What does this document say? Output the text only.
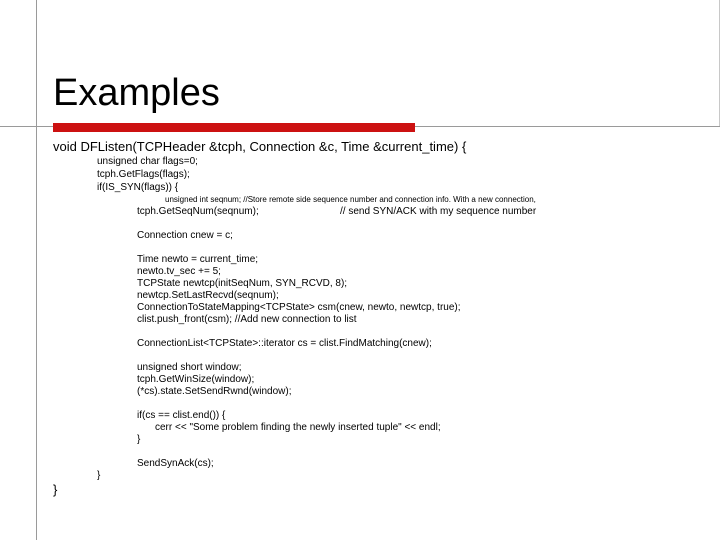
Examples
void DFListen(TCPHeader &tcph, Connection &c, Time &current_time) {
unsigned char flags=0;
tcph.GetFlags(flags);
if(IS_SYN(flags)) {
unsigned int seqnum; //Store remote side sequence number and connection info. With a new connection,
tcph.GetSeqNum(seqnum);	// send SYN/ACK with my sequence number
Connection cnew = c;
Time newto = current_time;
newto.tv_sec += 5;
TCPState newtcp(initSeqNum, SYN_RCVD, 8);
newtcp.SetLastRecvd(seqnum);
ConnectionToStateMapping<TCPState> csm(cnew, newto, newtcp, true);
clist.push_front(csm); //Add new connection to list
ConnectionList<TCPState>::iterator cs = clist.FindMatching(cnew);
unsigned short window;
tcph.GetWinSize(window);
(*cs).state.SetSendRwnd(window);
if(cs == clist.end()) {
cerr << "Some problem finding the newly inserted tuple" << endl;
}
SendSynAck(cs);
}
}
